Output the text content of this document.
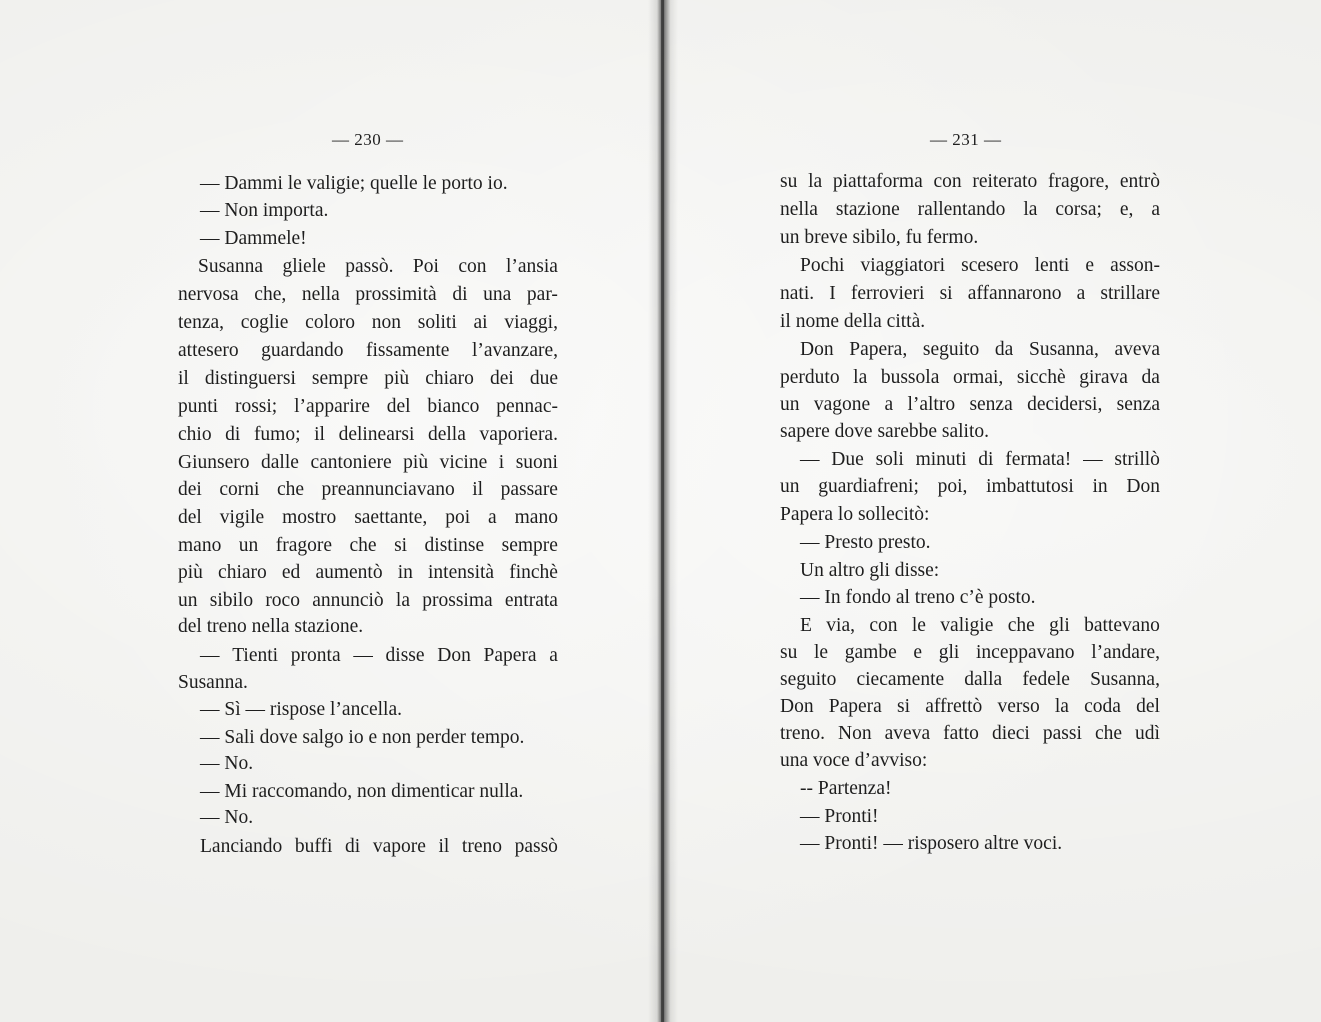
— 230 —
— Dammi le valigie; quelle le porto io.
— Non importa.
— Dammele!
Susanna gliele passò. Poi con l’ansia
nervosa che, nella prossimità di una par-
tenza, coglie coloro non soliti ai viaggi,
attesero guardando fissamente l’avanzare,
il distinguersi sempre più chiaro dei due
punti rossi; l’apparire del bianco pennac-
chio di fumo; il delinearsi della vaporiera.
Giunsero dalle cantoniere più vicine i suoni
dei corni che preannunciavano il passare
del vigile mostro saettante, poi a mano
mano un fragore che si distinse sempre
più chiaro ed aumentò in intensità finchè
un sibilo roco annunciò la prossima entrata
del treno nella stazione.
— Tienti pronta — disse Don Papera a
Susanna.
— Sì — rispose l’ancella.
— Sali dove salgo io e non perder tempo.
— No.
— Mi raccomando, non dimenticar nulla.
— No.
Lanciando buffi di vapore il treno passò
— 231 —
su la piattaforma con reiterato fragore, entrò
nella stazione rallentando la corsa; e, a
un breve sibilo, fu fermo.
Pochi viaggiatori scesero lenti e asson-
nati. I ferrovieri si affannarono a strillare
il nome della città.
Don Papera, seguito da Susanna, aveva
perduto la bussola ormai, sicchè girava da
un vagone a l’altro senza decidersi, senza
sapere dove sarebbe salito.
— Due soli minuti di fermata! — strillò
un guardiafreni; poi, imbattutosi in Don
Papera lo sollecitò:
— Presto presto.
Un altro gli disse:
— In fondo al treno c’è posto.
E via, con le valigie che gli battevano
su le gambe e gli inceppavano l’andare,
seguito ciecamente dalla fedele Susanna,
Don Papera si affrettò verso la coda del
treno. Non aveva fatto dieci passi che udì
una voce d’avviso:
-- Partenza!
— Pronti!
— Pronti! — risposero altre voci.
